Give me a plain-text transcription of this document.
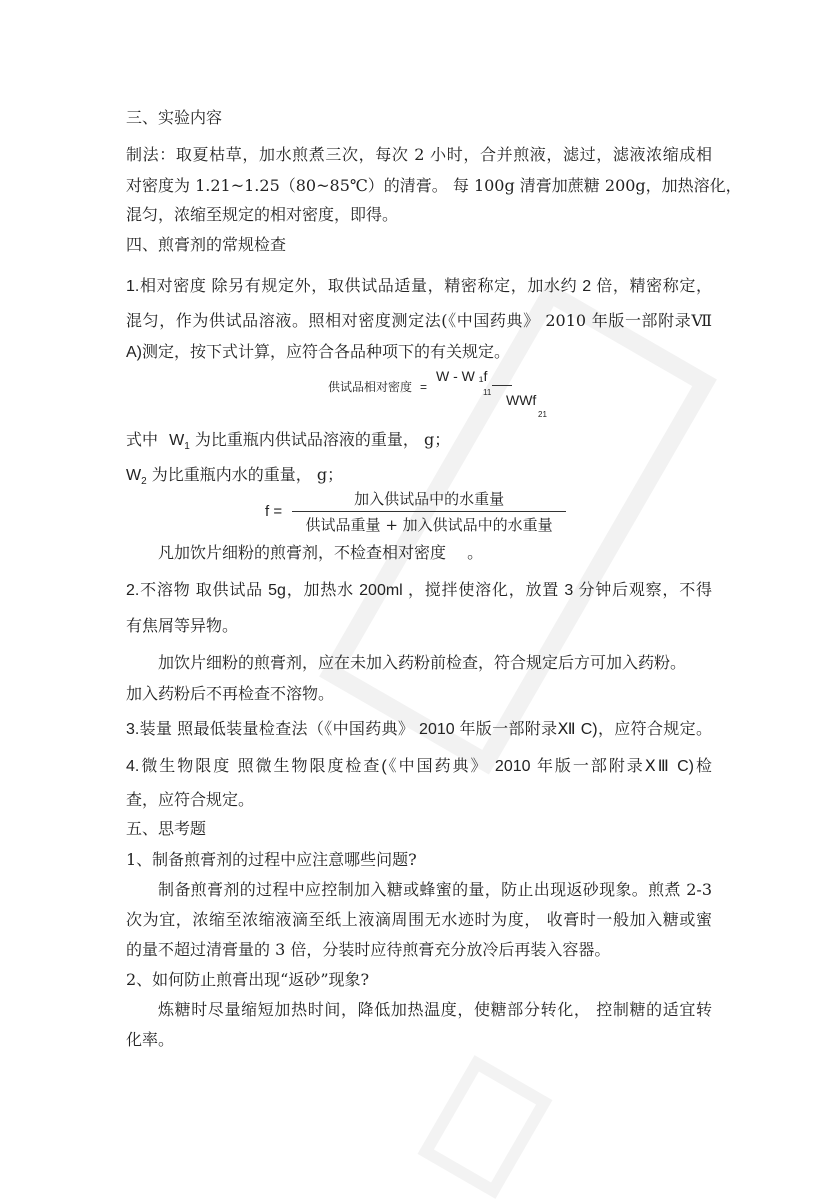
三、实验内容
制法：取夏枯草，加水煎煮三次，每次 2 小时，合并煎液，滤过，滤液浓缩成相
对密度为 1.21~1.25（80~85℃）的清膏。 每 100g 清膏加蔗糖 200g，加热溶化，
混匀，浓缩至规定的相对密度，即得。
四、煎膏剂的常规检查
1.相对密度 除另有规定外，取供试品适量，精密称定，加水约 2 倍，精密称定，
混匀，作为供试品溶液。照相对密度测定法(《中国药典》 2010 年版一部附录Ⅶ
A)测定，按下式计算，应符合各品种项下的有关规定。
供试品相对密度 =
W - W ₁f
11 WWf
21
式中 $W_1$ 为比重瓶内供试品溶液的重量， g；
$W_2$ 为比重瓶内水的重量， g；
$f = \frac{\text{加入供试品中的水重量}}{\text{供试品重量 + 加入供试品中的水重量}}$
凡加饮片细粉的煎膏剂，不检查相对密度　 。
2.不溶物 取供试品 5g，加热水 200ml ，搅拌使溶化，放置 3 分钟后观察，不得
有焦屑等异物。
加饮片细粉的煎膏剂，应在未加入药粉前检查，符合规定后方可加入药粉。
加入药粉后不再检查不溶物。
3.装量 照最低装量检查法（《中国药典》 2010 年版一部附录Ⅻ C)，应符合规定。
4.微生物限度 照微生物限度检查(《中国药典》 2010 年版一部附录ⅩⅢ C)检
查，应符合规定。
五、思考题
1、制备煎膏剂的过程中应注意哪些问题?
制备煎膏剂的过程中应控制加入糖或蜂蜜的量，防止出现返砂现象。煎煮 2-3
次为宜，浓缩至浓缩液滴至纸上液滴周围无水迹时为度， 收膏时一般加入糖或蜜
的量不超过清膏量的 3 倍，分装时应待煎膏充分放冷后再装入容器。
2、如何防止煎膏出现“返砂”现象?
炼糖时尽量缩短加热时间，降低加热温度，使糖部分转化， 控制糖的适宜转
化率。
